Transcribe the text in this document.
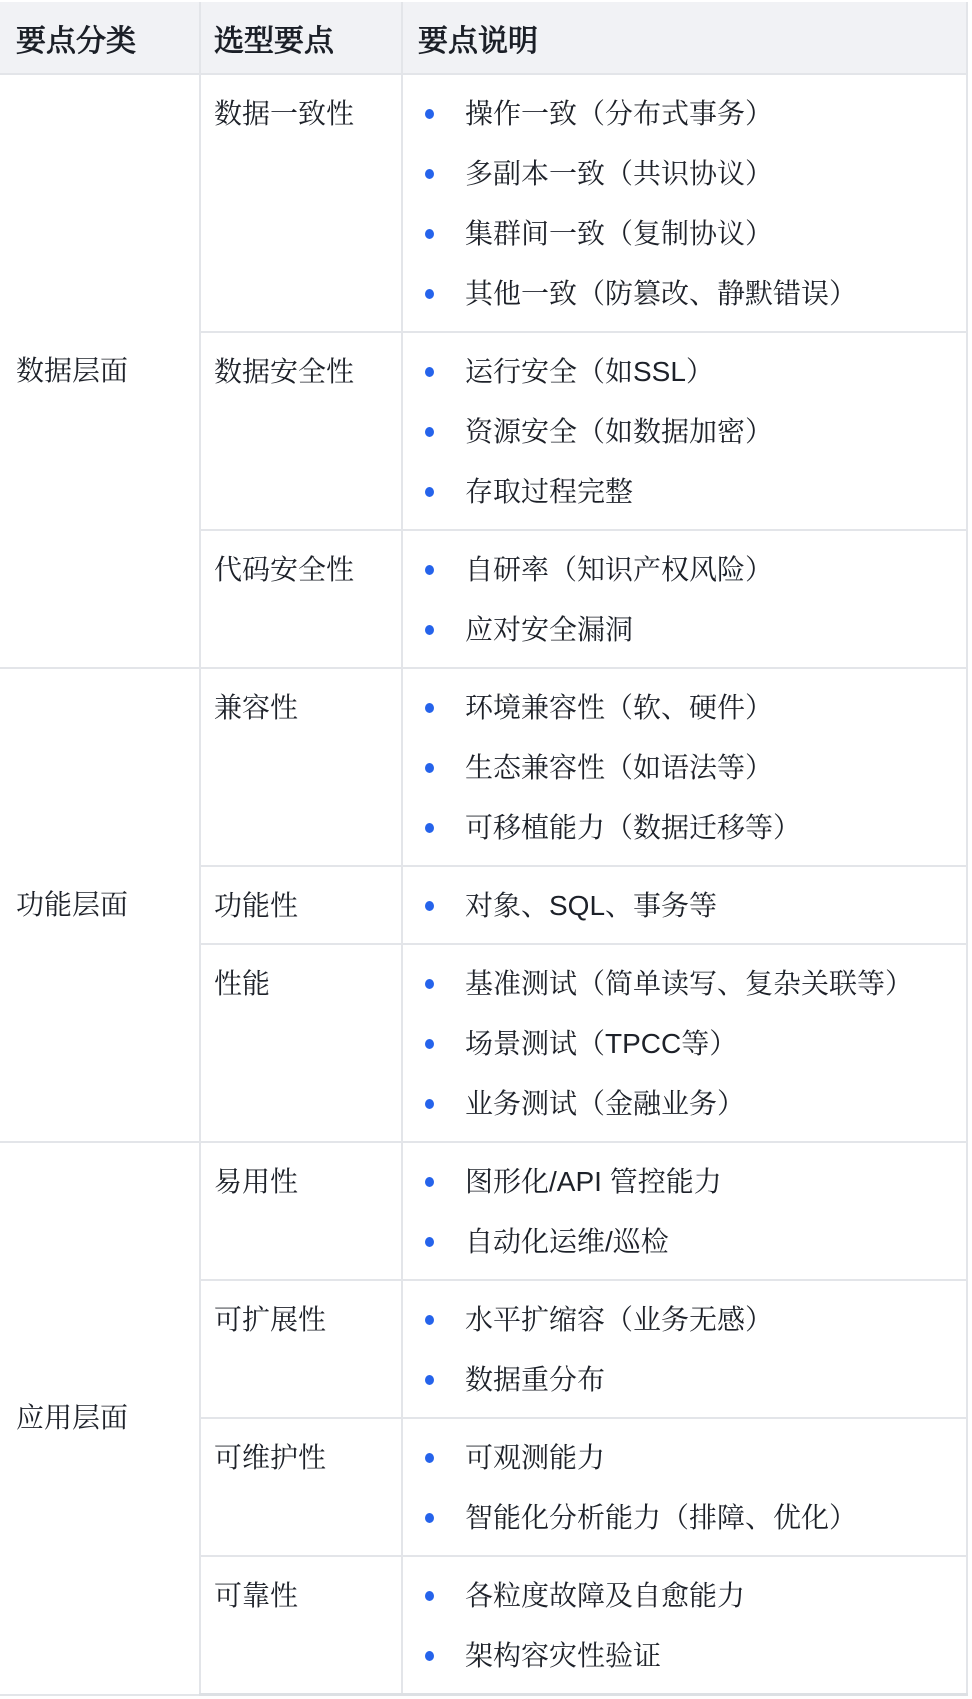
要点分类	选型要点	要点说明
数据层面	数据一致性	操作一致（分布式事务）
多副本一致（共识协议）
集群间一致（复制协议）
其他一致（防篡改、静默错误）

数据安全性	运行安全（如SSL）
资源安全（如数据加密）
存取过程完整

代码安全性	自研率（知识产权风险）
应对安全漏洞

功能层面	兼容性	环境兼容性（软、硬件）
生态兼容性（如语法等）
可移植能力（数据迁移等）

功能性	对象、SQL、事务等

性能	基准测试（简单读写、复杂关联等）
场景测试（TPCC等）
业务测试（金融业务）

应用层面	易用性	图形化/API 管控能力
自动化运维/巡检

可扩展性	水平扩缩容（业务无感）
数据重分布

可维护性	可观测能力
智能化分析能力（排障、优化）

可靠性	各粒度故障及自愈能力
架构容灾性验证
